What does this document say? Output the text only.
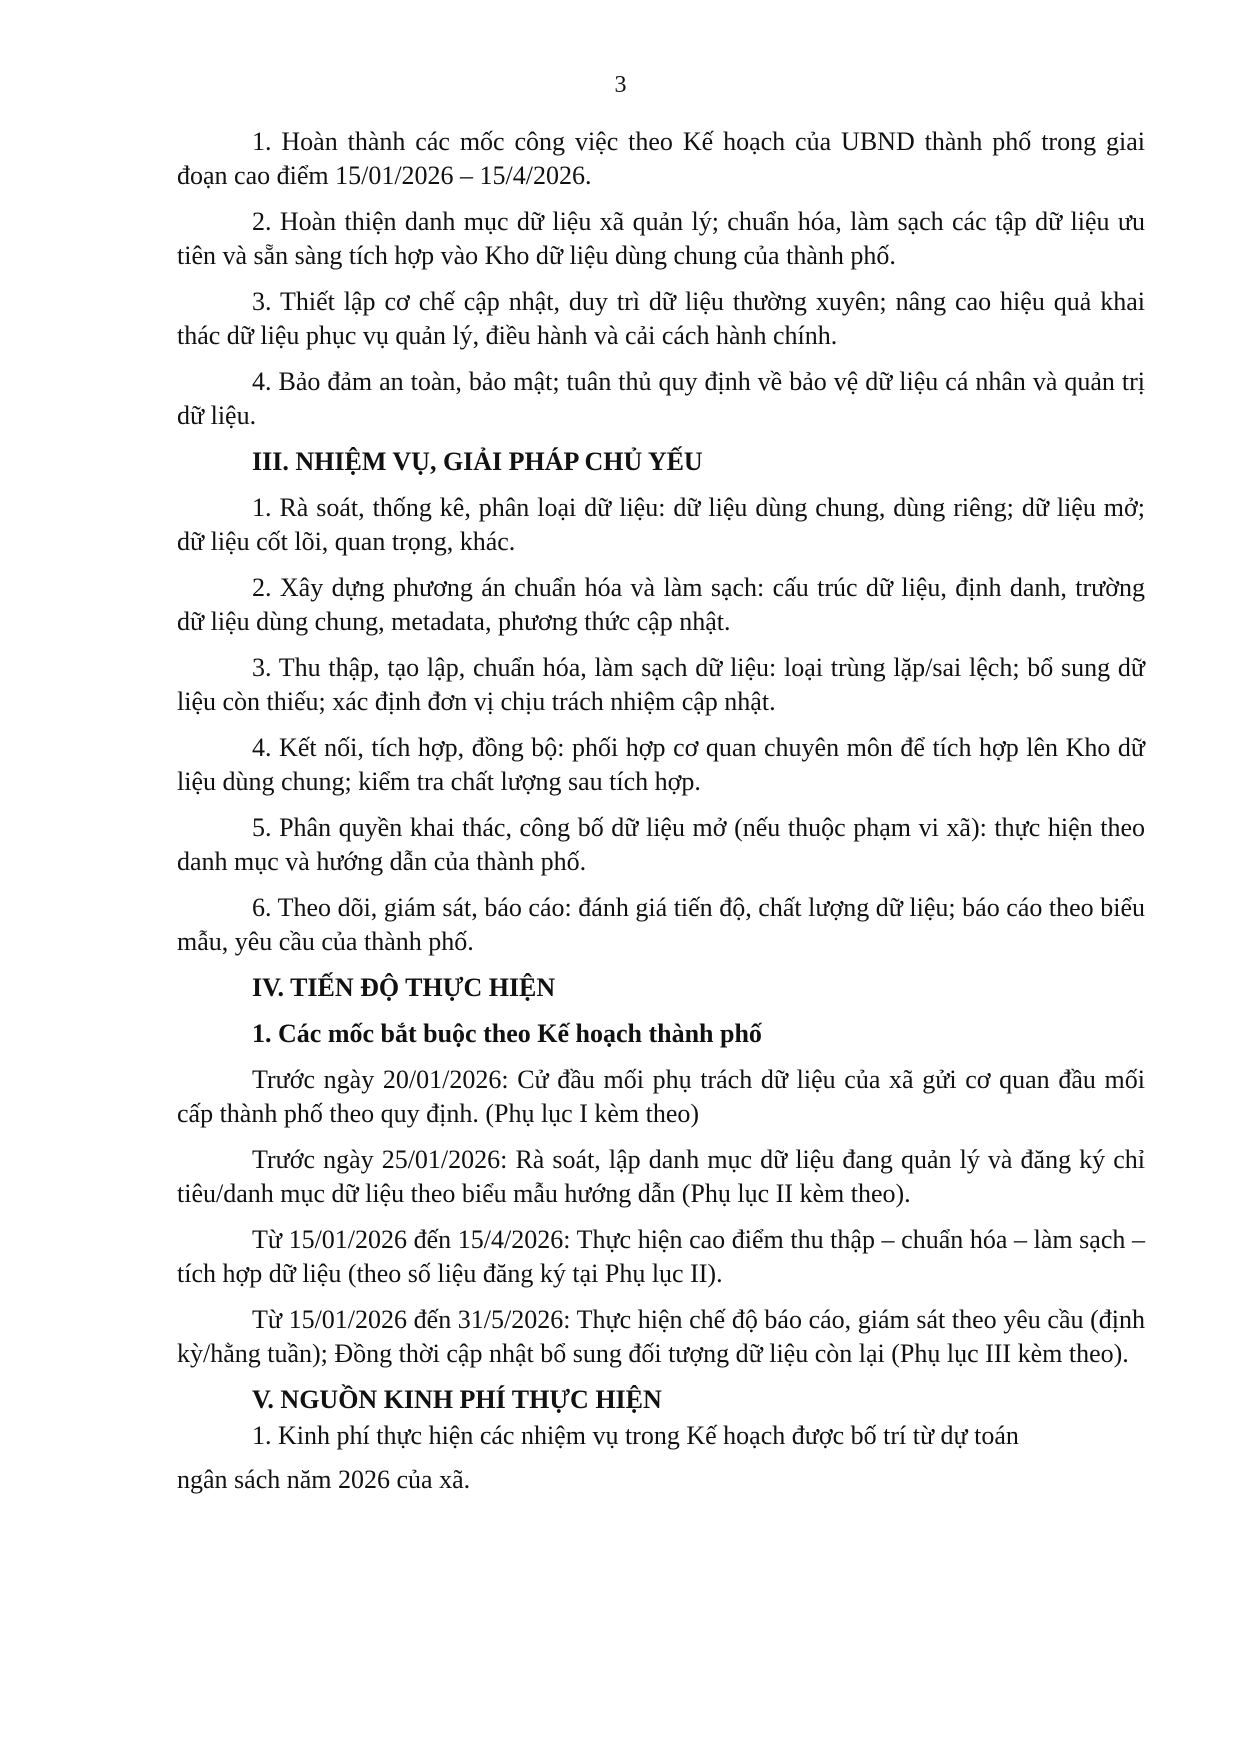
3

1. Hoàn thành các mốc công việc theo Kế hoạch của UBND thành phố trong giai đoạn cao điểm 15/01/2026 – 15/4/2026.

2. Hoàn thiện danh mục dữ liệu xã quản lý; chuẩn hóa, làm sạch các tập dữ liệu ưu tiên và sẵn sàng tích hợp vào Kho dữ liệu dùng chung của thành phố.

3. Thiết lập cơ chế cập nhật, duy trì dữ liệu thường xuyên; nâng cao hiệu quả khai thác dữ liệu phục vụ quản lý, điều hành và cải cách hành chính.

4. Bảo đảm an toàn, bảo mật; tuân thủ quy định về bảo vệ dữ liệu cá nhân và quản trị dữ liệu.

III. NHIỆM VỤ, GIẢI PHÁP CHỦ YẾU

1. Rà soát, thống kê, phân loại dữ liệu: dữ liệu dùng chung, dùng riêng; dữ liệu mở; dữ liệu cốt lõi, quan trọng, khác.

2. Xây dựng phương án chuẩn hóa và làm sạch: cấu trúc dữ liệu, định danh, trường dữ liệu dùng chung, metadata, phương thức cập nhật.

3. Thu thập, tạo lập, chuẩn hóa, làm sạch dữ liệu: loại trùng lặp/sai lệch; bổ sung dữ liệu còn thiếu; xác định đơn vị chịu trách nhiệm cập nhật.

4. Kết nối, tích hợp, đồng bộ: phối hợp cơ quan chuyên môn để tích hợp lên Kho dữ liệu dùng chung; kiểm tra chất lượng sau tích hợp.

5. Phân quyền khai thác, công bố dữ liệu mở (nếu thuộc phạm vi xã): thực hiện theo danh mục và hướng dẫn của thành phố.

6. Theo dõi, giám sát, báo cáo: đánh giá tiến độ, chất lượng dữ liệu; báo cáo theo biểu mẫu, yêu cầu của thành phố.

IV. TIẾN ĐỘ THỰC HIỆN

1. Các mốc bắt buộc theo Kế hoạch thành phố

Trước ngày 20/01/2026: Cử đầu mối phụ trách dữ liệu của xã gửi cơ quan đầu mối cấp thành phố theo quy định. (Phụ lục I kèm theo)

Trước ngày 25/01/2026: Rà soát, lập danh mục dữ liệu đang quản lý và đăng ký chỉ tiêu/danh mục dữ liệu theo biểu mẫu hướng dẫn (Phụ lục II kèm theo).

Từ 15/01/2026 đến 15/4/2026: Thực hiện cao điểm thu thập – chuẩn hóa – làm sạch – tích hợp dữ liệu (theo số liệu đăng ký tại Phụ lục II).

Từ 15/01/2026 đến 31/5/2026: Thực hiện chế độ báo cáo, giám sát theo yêu cầu (định kỳ/hằng tuần); Đồng thời cập nhật bổ sung đối tượng dữ liệu còn lại (Phụ lục III kèm theo).

V. NGUỒN KINH PHÍ THỰC HIỆN

1. Kinh phí thực hiện các nhiệm vụ trong Kế hoạch được bố trí từ dự toán

ngân sách năm 2026 của xã.
